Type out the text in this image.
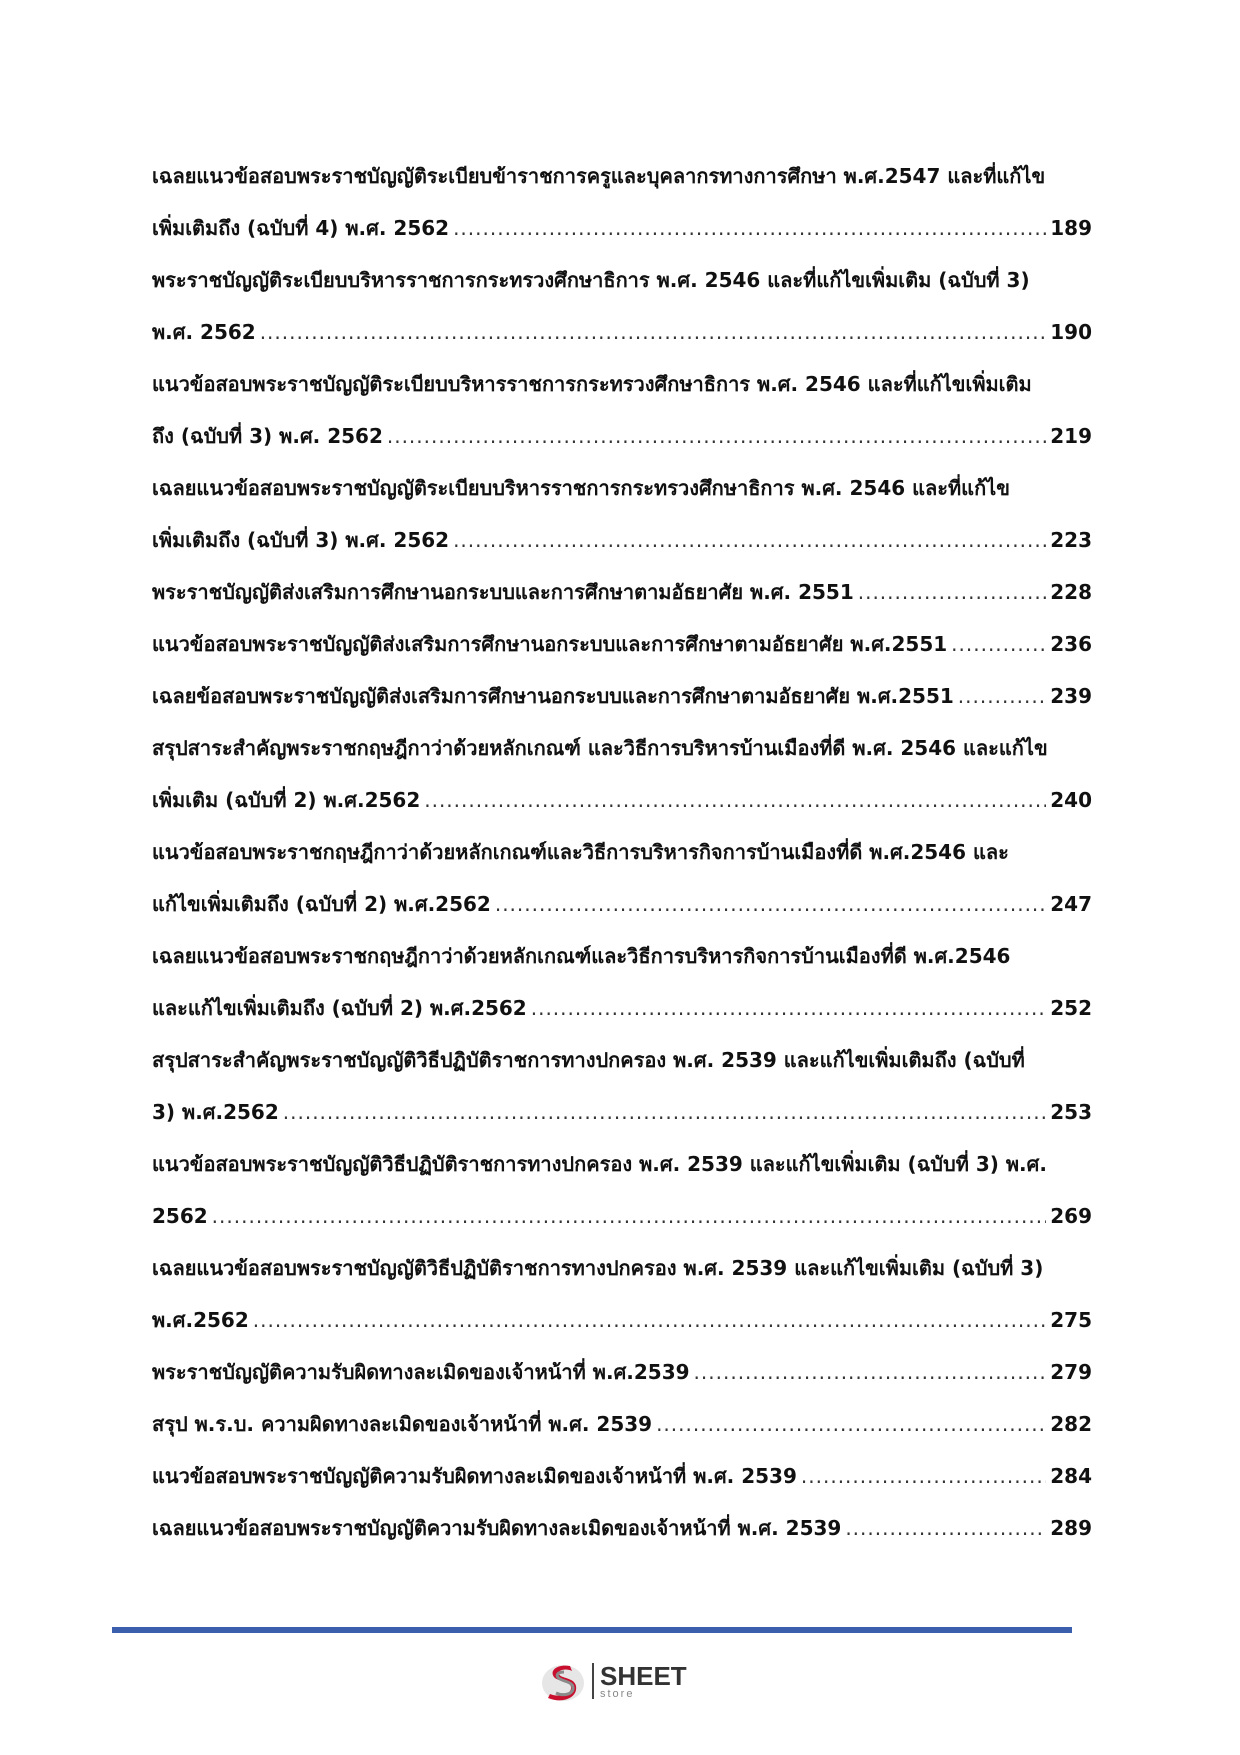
เฉลยแนวข้อสอบพระราชบัญญัติระเบียบข้าราชการครูและบุคลากรทางการศึกษา พ.ศ.2547 และที่แก้ไข
เพิ่มเติมถึง (ฉบับที่ 4) พ.ศ. 2562 .....	189
พระราชบัญญัติระเบียบบริหารราชการกระทรวงศึกษาธิการ พ.ศ. 2546 และที่แก้ไขเพิ่มเติม (ฉบับที่ 3)
พ.ศ. 2562 .....	190
แนวข้อสอบพระราชบัญญัติระเบียบบริหารราชการกระทรวงศึกษาธิการ พ.ศ. 2546 และที่แก้ไขเพิ่มเติม
ถึง (ฉบับที่ 3) พ.ศ. 2562 .....	219
เฉลยแนวข้อสอบพระราชบัญญัติระเบียบบริหารราชการกระทรวงศึกษาธิการ พ.ศ. 2546 และที่แก้ไข
เพิ่มเติมถึง (ฉบับที่ 3) พ.ศ. 2562 .....	223
พระราชบัญญัติส่งเสริมการศึกษานอกระบบและการศึกษาตามอัธยาศัย พ.ศ. 2551 .....	228
แนวข้อสอบพระราชบัญญัติส่งเสริมการศึกษานอกระบบและการศึกษาตามอัธยาศัย พ.ศ.2551 .....	236
เฉลยข้อสอบพระราชบัญญัติส่งเสริมการศึกษานอกระบบและการศึกษาตามอัธยาศัย พ.ศ.2551 .....	239
สรุปสาระสำคัญพระราชกฤษฎีกาว่าด้วยหลักเกณฑ์ และวิธีการบริหารบ้านเมืองที่ดี พ.ศ. 2546 และแก้ไข
เพิ่มเติม (ฉบับที่ 2) พ.ศ.2562 .....	240
แนวข้อสอบพระราชกฤษฎีกาว่าด้วยหลักเกณฑ์และวิธีการบริหารกิจการบ้านเมืองที่ดี พ.ศ.2546 และ
แก้ไขเพิ่มเติมถึง (ฉบับที่ 2) พ.ศ.2562 .....	247
เฉลยแนวข้อสอบพระราชกฤษฎีกาว่าด้วยหลักเกณฑ์และวิธีการบริหารกิจการบ้านเมืองที่ดี พ.ศ.2546
และแก้ไขเพิ่มเติมถึง (ฉบับที่ 2) พ.ศ.2562 .....	252
สรุปสาระสำคัญพระราชบัญญัติวิธีปฏิบัติราชการทางปกครอง พ.ศ. 2539 และแก้ไขเพิ่มเติมถึง (ฉบับที่
3) พ.ศ.2562 .....	253
แนวข้อสอบพระราชบัญญัติวิธีปฏิบัติราชการทางปกครอง พ.ศ. 2539 และแก้ไขเพิ่มเติม (ฉบับที่ 3) พ.ศ.
2562 .....	269
เฉลยแนวข้อสอบพระราชบัญญัติวิธีปฏิบัติราชการทางปกครอง พ.ศ. 2539 และแก้ไขเพิ่มเติม (ฉบับที่ 3)
พ.ศ.2562 .....	275
พระราชบัญญัติความรับผิดทางละเมิดของเจ้าหน้าที่ พ.ศ.2539 .....	279
สรุป พ.ร.บ. ความผิดทางละเมิดของเจ้าหน้าที่ พ.ศ. 2539 .....	282
แนวข้อสอบพระราชบัญญัติความรับผิดทางละเมิดของเจ้าหน้าที่ พ.ศ. 2539 .....	284
เฉลยแนวข้อสอบพระราชบัญญัติความรับผิดทางละเมิดของเจ้าหน้าที่ พ.ศ. 2539 .....	289
SHEET
store
